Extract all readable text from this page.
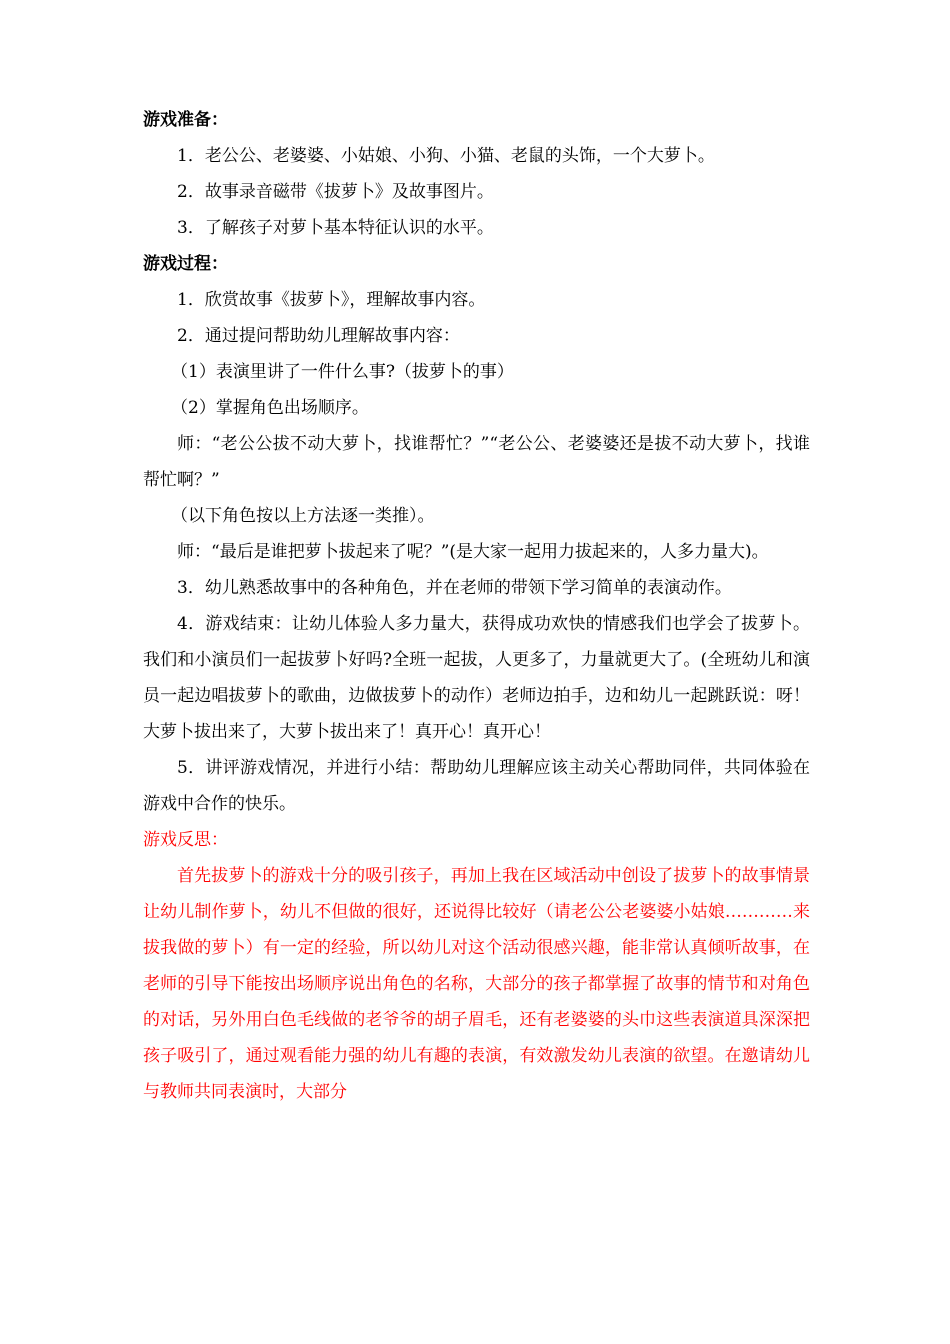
游戏准备：
1．老公公、老婆婆、小姑娘、小狗、小猫、老鼠的头饰，一个大萝卜。
2．故事录音磁带《拔萝卜》及故事图片。
3．了解孩子对萝卜基本特征认识的水平。
游戏过程：
1．欣赏故事《拔萝卜》，理解故事内容。
2．通过提问帮助幼儿理解故事内容：
（1）表演里讲了一件什么事?（拔萝卜的事）
（2）掌握角色出场顺序。
师：“老公公拔不动大萝卜，找谁帮忙？”“老公公、老婆婆还是拔不动大萝卜，找谁帮忙啊？”
（以下角色按以上方法逐一类推）。
师：“最后是谁把萝卜拔起来了呢？”(是大家一起用力拔起来的，人多力量大)。
3．幼儿熟悉故事中的各种角色，并在老师的带领下学习简单的表演动作。
4．游戏结束：让幼儿体验人多力量大，获得成功欢快的情感我们也学会了拔萝卜。我们和小演员们一起拔萝卜好吗?全班一起拔，人更多了，力量就更大了。(全班幼儿和演员一起边唱拔萝卜的歌曲，边做拔萝卜的动作）老师边拍手，边和幼儿一起跳跃说：呀！大萝卜拔出来了，大萝卜拔出来了！真开心！真开心！
5．讲评游戏情况，并进行小结：帮助幼儿理解应该主动关心帮助同伴，共同体验在游戏中合作的快乐。
游戏反思：
首先拔萝卜的游戏十分的吸引孩子，再加上我在区域活动中创设了拔萝卜的故事情景让幼儿制作萝卜，幼儿不但做的很好，还说得比较好（请老公公老婆婆小姑娘…………来拔我做的萝卜）有一定的经验，所以幼儿对这个活动很感兴趣，能非常认真倾听故事，在老师的引导下能按出场顺序说出角色的名称，大部分的孩子都掌握了故事的情节和对角色的对话，另外用白色毛线做的老爷爷的胡子眉毛，还有老婆婆的头巾这些表演道具深深把孩子吸引了，通过观看能力强的幼儿有趣的表演，有效激发幼儿表演的欲望。在邀请幼儿与教师共同表演时，大部分
